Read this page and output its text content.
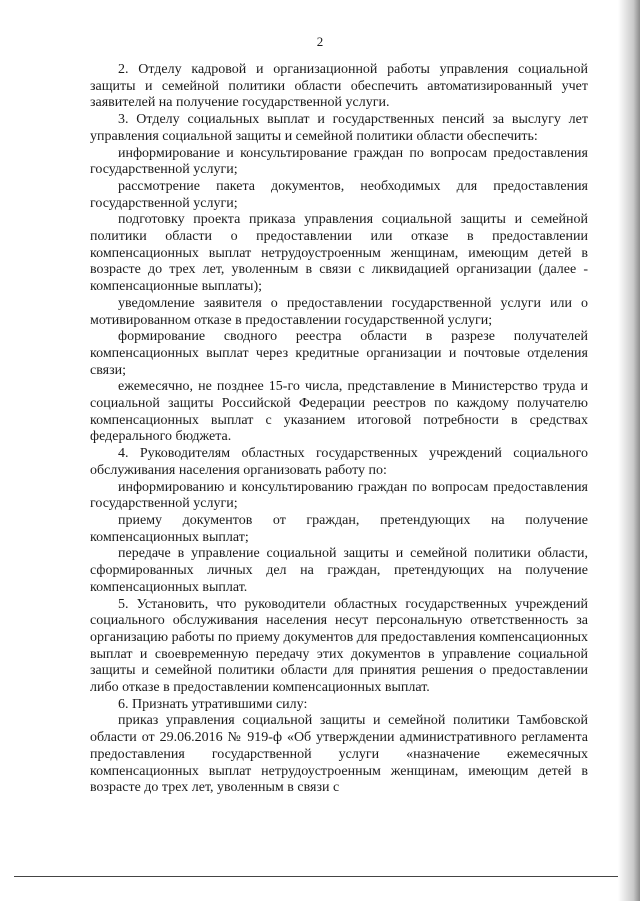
2

2. Отделу кадровой и организационной работы управления социальной защиты и семейной политики области обеспечить автоматизированный учет заявителей на получение государственной услуги.

3. Отделу социальных выплат и государственных пенсий за выслугу лет управления социальной защиты и семейной политики области обеспечить:

информирование и консультирование граждан по вопросам предоставления государственной услуги;

рассмотрение пакета документов, необходимых для предоставления государственной услуги;

подготовку проекта приказа управления социальной защиты и семейной политики области о предоставлении или отказе в предоставлении компенсационных выплат нетрудоустроенным женщинам, имеющим детей в возрасте до трех лет, уволенным в связи с ликвидацией организации (далее - компенсационные выплаты);

уведомление заявителя о предоставлении государственной услуги или о мотивированном отказе в предоставлении государственной услуги;

формирование сводного реестра области в разрезе получателей компенсационных выплат через кредитные организации и почтовые отделения связи;

ежемесячно, не позднее 15-го числа, представление в Министерство труда и социальной защиты Российской Федерации реестров по каждому получателю компенсационных выплат с указанием итоговой потребности в средствах федерального бюджета.

4. Руководителям областных государственных учреждений социального обслуживания населения организовать работу по:

информированию и консультированию граждан по вопросам предоставления государственной услуги;

приему документов от граждан, претендующих на получение компенсационных выплат;

передаче в управление социальной защиты и семейной политики области, сформированных личных дел на граждан, претендующих на получение компенсационных выплат.

5. Установить, что руководители областных государственных учреждений социального обслуживания населения несут персональную ответственность за организацию работы по приему документов для предоставления компенсационных выплат и своевременную передачу этих документов в управление социальной защиты и семейной политики области для принятия решения о предоставлении либо отказе в предоставлении компенсационных выплат.

6. Признать утратившими силу:

приказ управления социальной защиты и семейной политики Тамбовской области от 29.06.2016 № 919-ф «Об утверждении административного регламента предоставления государственной услуги «назначение ежемесячных компенсационных выплат нетрудоустроенным женщинам, имеющим детей в возрасте до трех лет, уволенным в связи с
